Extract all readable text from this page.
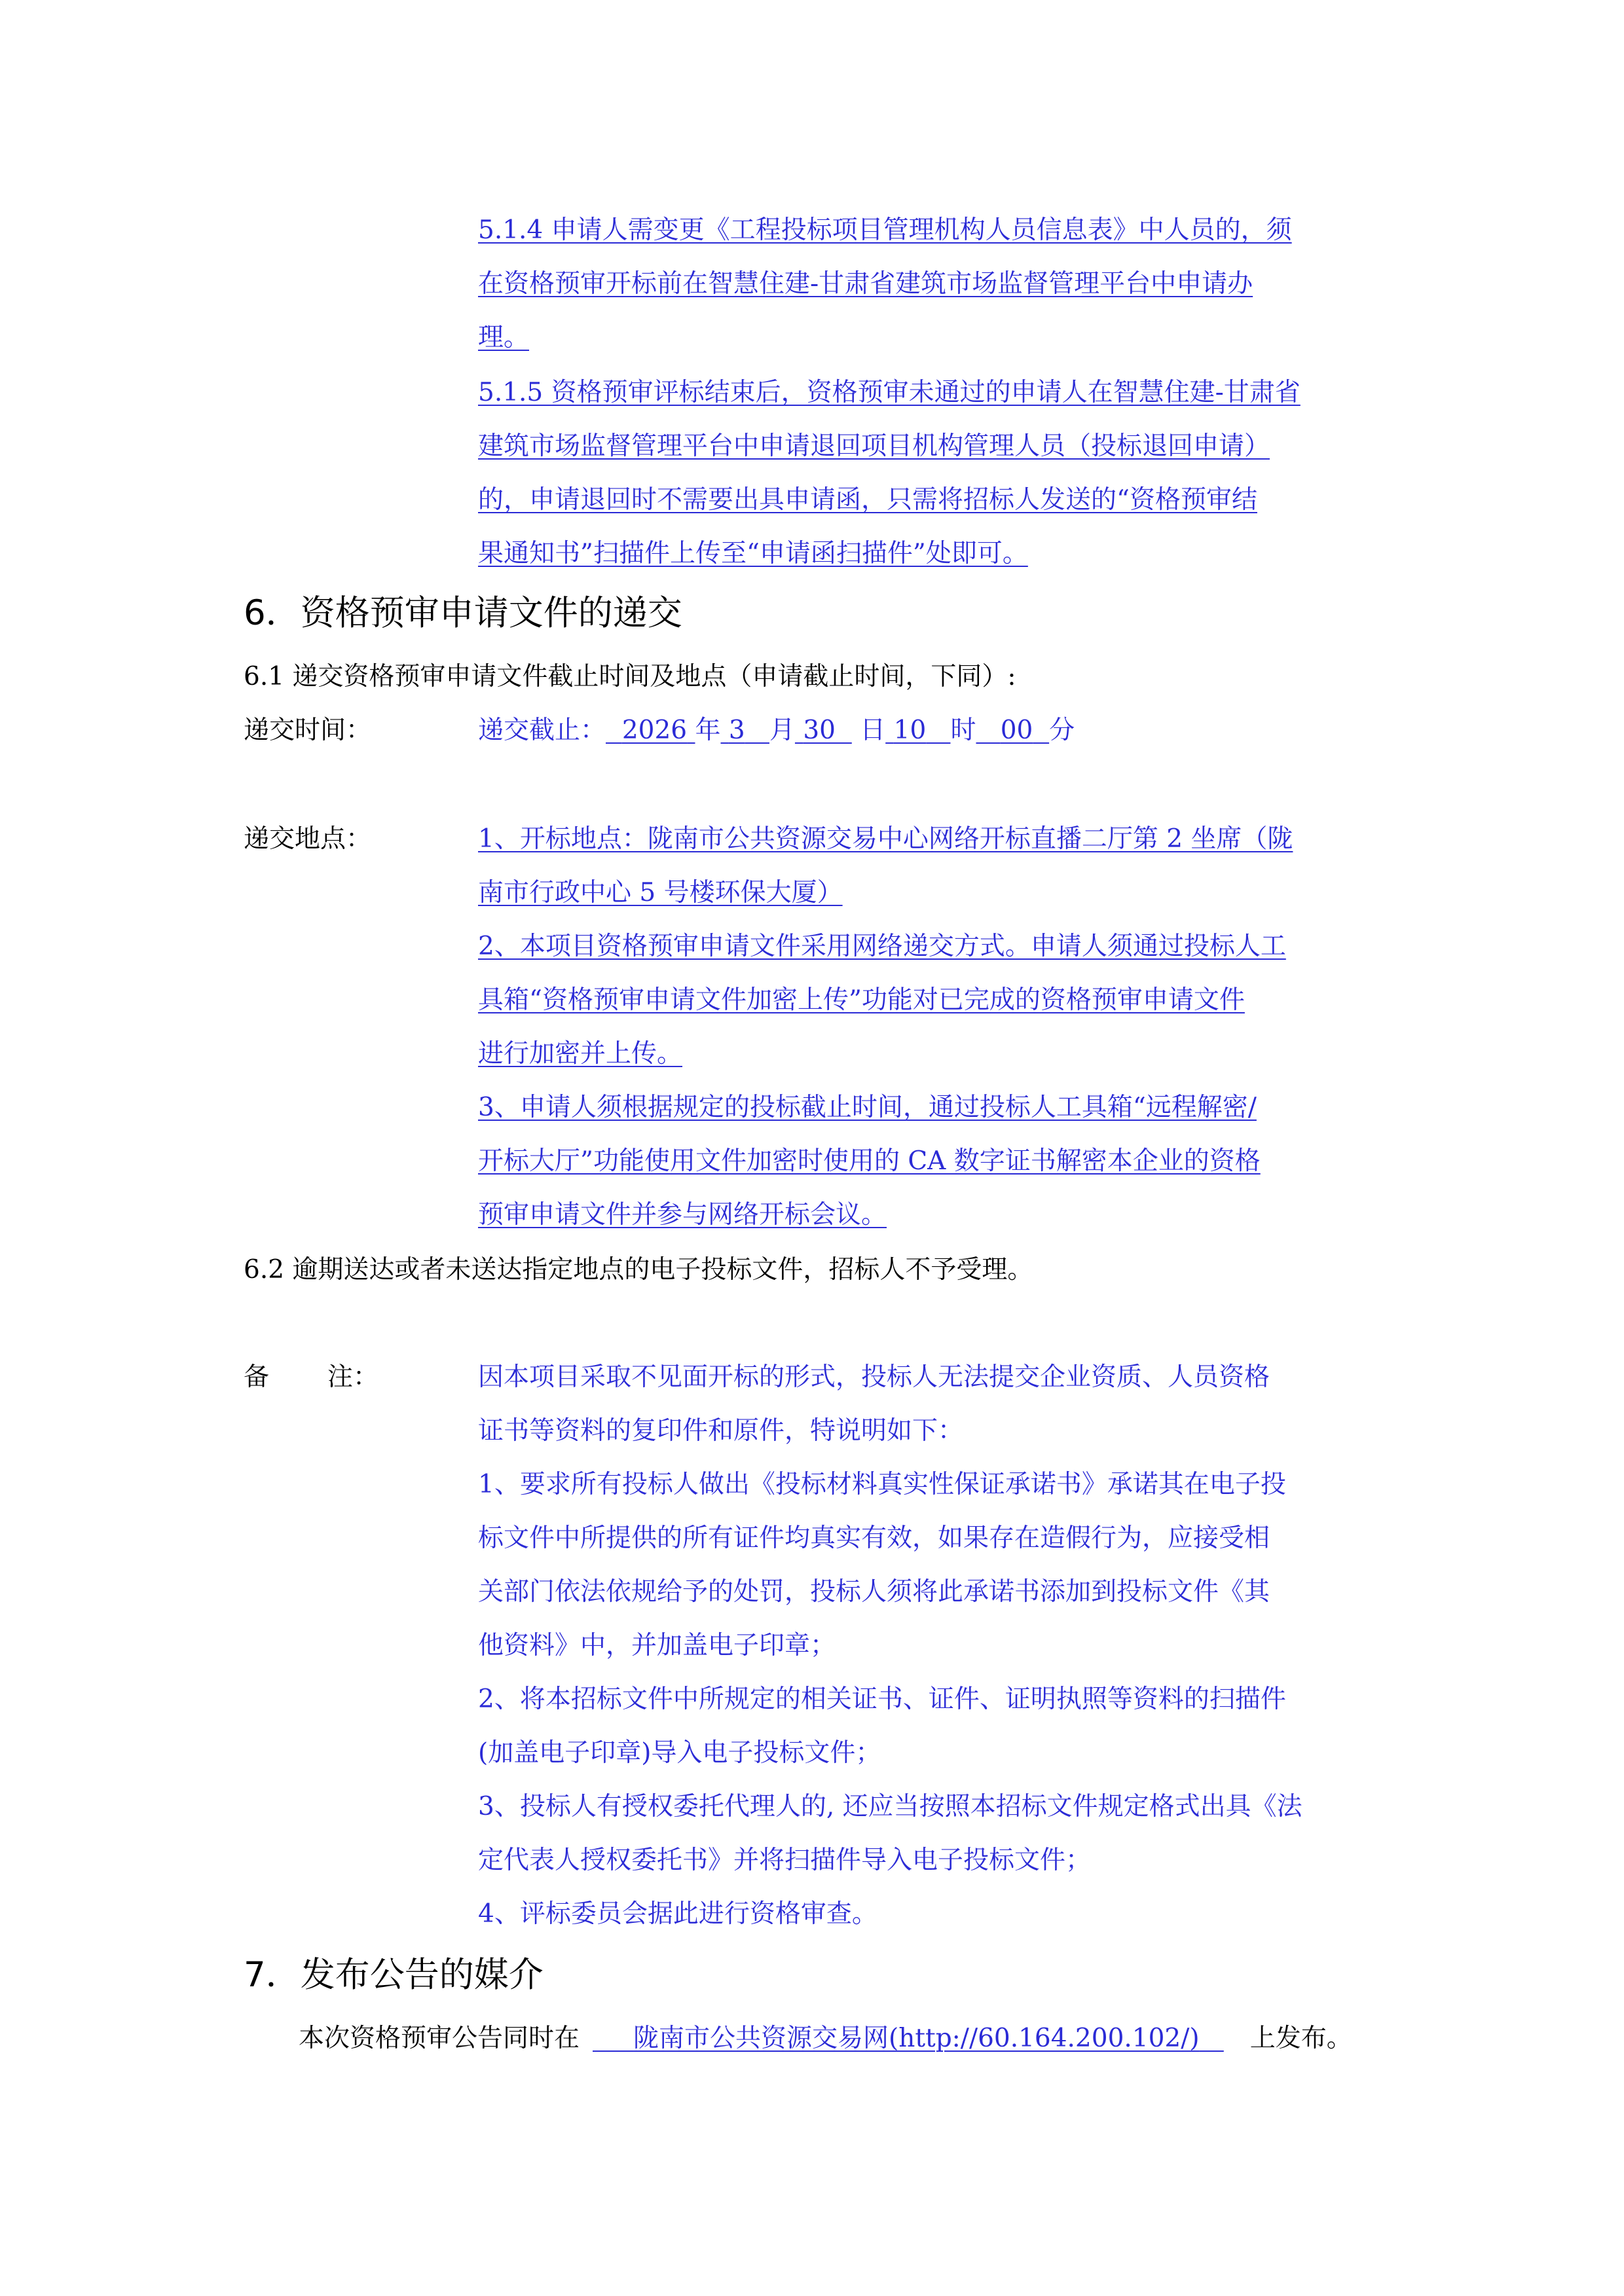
5.1.4 申请人需变更《工程投标项目管理机构人员信息表》中人员的，须
在资格预审开标前在智慧住建-甘肃省建筑市场监督管理平台中申请办
理。
5.1.5 资格预审评标结束后，资格预审未通过的申请人在智慧住建-甘肃省
建筑市场监督管理平台中申请退回项目机构管理人员（投标退回申请）
的，申请退回时不需要出具申请函，只需将招标人发送的“资格预审结
果通知书”扫描件上传至“申请函扫描件”处即可。
6．资格预审申请文件的递交
6.1 递交资格预审申请文件截止时间及地点（申请截止时间，下同）:
递交时间：	递交截止： 2026 年 3 月 30 日 10 时 00 分
递交地点：	1、开标地点：陇南市公共资源交易中心网络开标直播二厅第 2 坐席（陇
南市行政中心 5 号楼环保大厦）
2、本项目资格预审申请文件采用网络递交方式。申请人须通过投标人工
具箱“资格预审申请文件加密上传”功能对已完成的资格预审申请文件
进行加密并上传。
3、申请人须根据规定的投标截止时间，通过投标人工具箱“远程解密/
开标大厅”功能使用文件加密时使用的 CA 数字证书解密本企业的资格
预审申请文件并参与网络开标会议。
6.2 逾期送达或者未送达指定地点的电子投标文件，招标人不予受理。
备 注：	因本项目采取不见面开标的形式，投标人无法提交企业资质、人员资格
证书等资料的复印件和原件，特说明如下：
1、要求所有投标人做出《投标材料真实性保证承诺书》承诺其在电子投
标文件中所提供的所有证件均真实有效，如果存在造假行为，应接受相
关部门依法依规给予的处罚，投标人须将此承诺书添加到投标文件《其
他资料》中，并加盖电子印章；
2、将本招标文件中所规定的相关证书、证件、证明执照等资料的扫描件
(加盖电子印章)导入电子投标文件；
3、投标人有授权委托代理人的, 还应当按照本招标文件规定格式出具《法
定代表人授权委托书》并将扫描件导入电子投标文件；
4、评标委员会据此进行资格审查。
7．发布公告的媒介
本次资格预审公告同时在 陇南市公共资源交易网(http://60.164.200.102/) 上发布。
